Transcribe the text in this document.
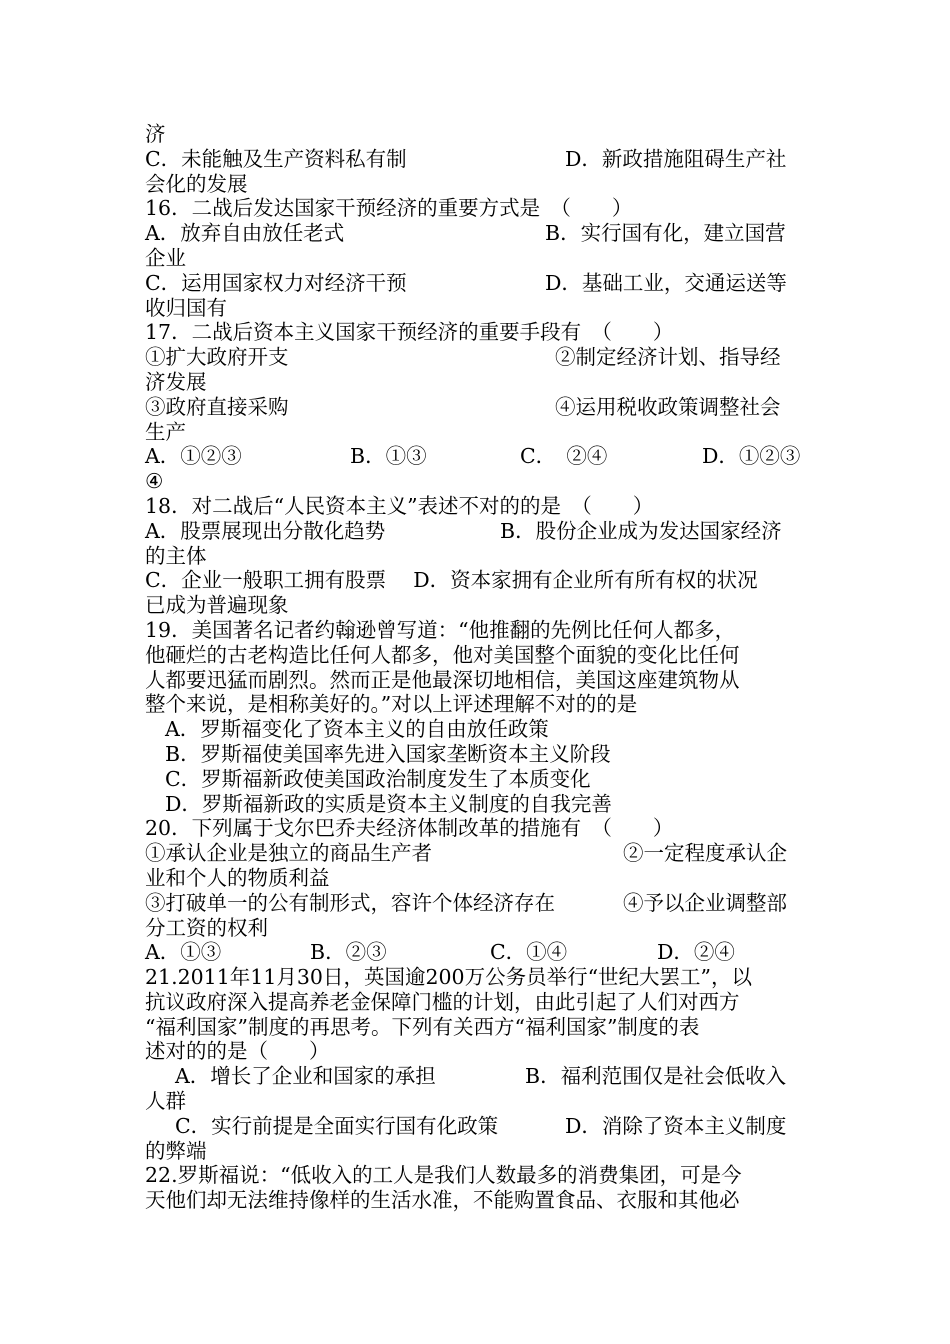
济
C．未能触及生产资料私有制	D．新政措施阻碍生产社
会化的发展
16．二战后发达国家干预经济的重要方式是　（　　）
A．放弃自由放任老式	B．实行国有化，建立国营
企业
C．运用国家权力对经济干预	D．基础工业，交通运送等
收归国有
17．二战后资本主义国家干预经济的重要手段有　（　　）
①扩大政府开支	②制定经济计划、指导经
济发展
③政府直接采购	④运用税收政策调整社会
生产
A．①②③	B．①③	C．　②④	D．①②③
④
18．对二战后“人民资本主义”表述不对的的是　（　　）
A．股票展现出分散化趋势	B．股份企业成为发达国家经济
的主体
C．企业一般职工拥有股票　 D．资本家拥有企业所有所有权的状况
已成为普遍现象
19．美国著名记者约翰逊曾写道：“他推翻的先例比任何人都多，
他砸烂的古老构造比任何人都多，他对美国整个面貌的变化比任何
人都要迅猛而剧烈。然而正是他最深切地相信，美国这座建筑物从
整个来说，是相称美好的。”对以上评述理解不对的的是
A．罗斯福变化了资本主义的自由放任政策
B．罗斯福使美国率先进入国家垄断资本主义阶段
C．罗斯福新政使美国政治制度发生了本质变化
D．罗斯福新政的实质是资本主义制度的自我完善
20．下列属于戈尔巴乔夫经济体制改革的措施有　（　　）
①承认企业是独立的商品生产者	②一定程度承认企
业和个人的物质利益
③打破单一的公有制形式，容许个体经济存在	④予以企业调整部
分工资的权利
A．①③	B．②③	C．①④	D．②④
21.2011年11月30日，英国逾200万公务员举行“世纪大罢工”，以
抗议政府深入提高养老金保障门槛的计划，由此引起了人们对西方
“福利国家”制度的再思考。下列有关西方“福利国家”制度的表
述对的的是（　　）
A．增长了企业和国家的承担	B．福利范围仅是社会低收入
人群
C．实行前提是全面实行国有化政策	D．消除了资本主义制度
的弊端
22.罗斯福说：“低收入的工人是我们人数最多的消费集团，可是今
天他们却无法维持像样的生活水准，不能购置食品、衣服和其他必
